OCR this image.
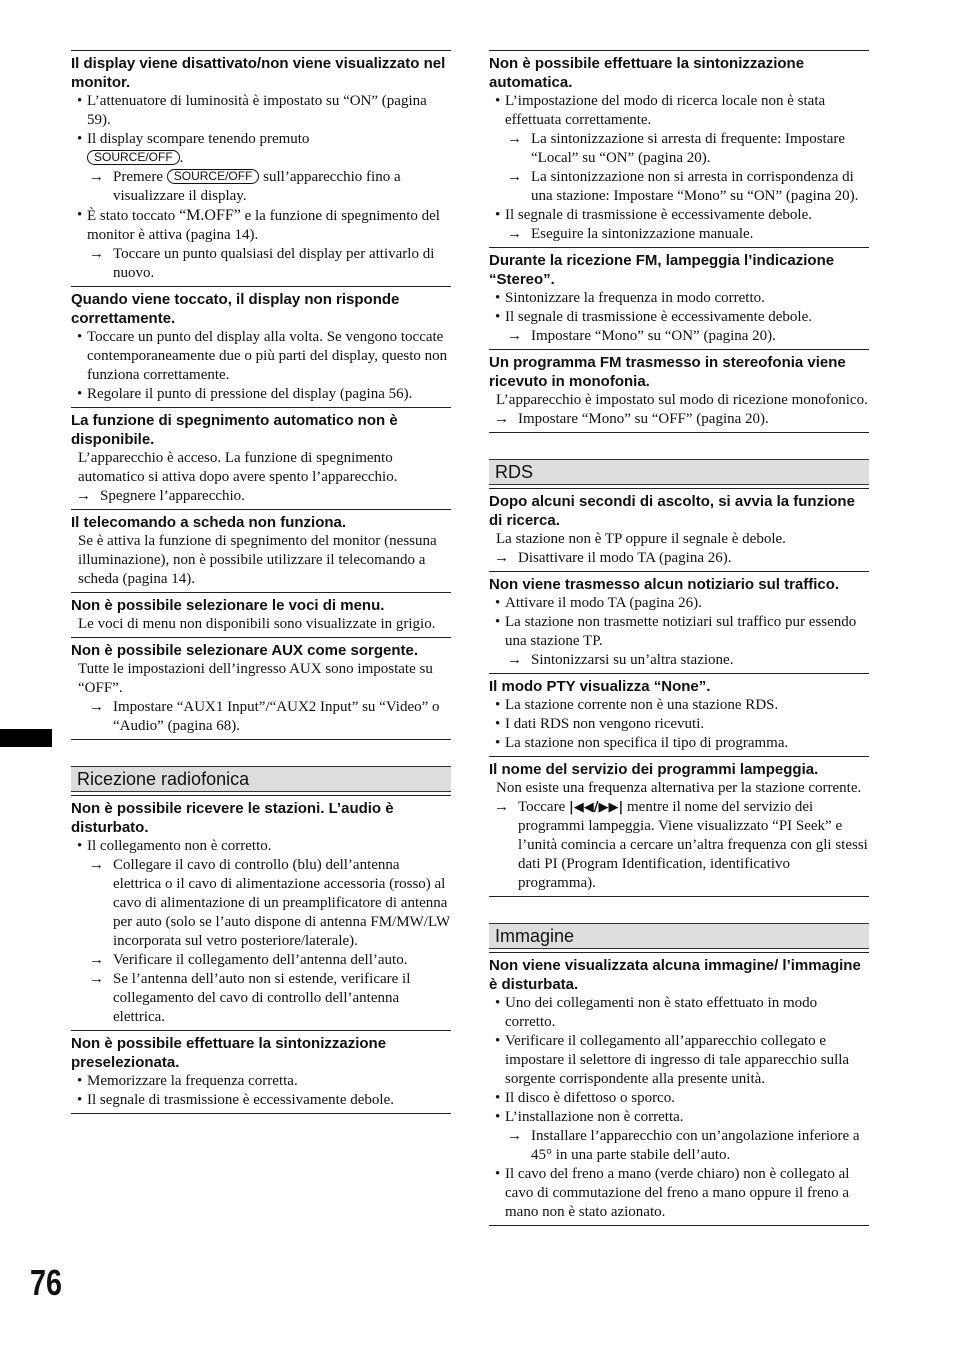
Il display viene disattivato/non viene visualizzato nel monitor.
• L’attenuatore di luminosità è impostato su “ON” (pagina 59).
• Il display scompare tenendo premuto
SOURCE/OFF .
→ Premere SOURCE/OFF sull’apparecchio fino a visualizzare il display.
• È stato toccato “M.OFF” e la funzione di spegnimento del monitor è attiva (pagina 14).
→ Toccare un punto qualsiasi del display per attivarlo di nuovo.
Quando viene toccato, il display non risponde correttamente.
• Toccare un punto del display alla volta. Se vengono toccate contemporaneamente due o più parti del display, questo non funziona correttamente.
• Regolare il punto di pressione del display (pagina 56).
La funzione di spegnimento automatico non è disponibile.
L’apparecchio è acceso. La funzione di spegnimento automatico si attiva dopo avere spento l’apparecchio.
→ Spegnere l’apparecchio.
Il telecomando a scheda non funziona.
Se è attiva la funzione di spegnimento del monitor (nessuna illuminazione), non è possibile utilizzare il telecomando a scheda (pagina 14).
Non è possibile selezionare le voci di menu.
Le voci di menu non disponibili sono visualizzate in grigio.
Non è possibile selezionare AUX come sorgente.
Tutte le impostazioni dell’ingresso AUX sono impostate su “OFF”.
→ Impostare “AUX1 Input”/“AUX2 Input” su “Video” o “Audio” (pagina 68).
Ricezione radiofonica
Non è possibile ricevere le stazioni. L’audio è disturbato.
• Il collegamento non è corretto.
→ Collegare il cavo di controllo (blu) dell’antenna elettrica o il cavo di alimentazione accessoria (rosso) al cavo di alimentazione di un preamplificatore di antenna per auto (solo se l’auto dispone di antenna FM/MW/LW incorporata sul vetro posteriore/laterale).
→ Verificare il collegamento dell’antenna dell’auto.
→ Se l’antenna dell’auto non si estende, verificare il collegamento del cavo di controllo dell’antenna elettrica.
Non è possibile effettuare la sintonizzazione preselezionata.
• Memorizzare la frequenza corretta.
• Il segnale di trasmissione è eccessivamente debole.
Non è possibile effettuare la sintonizzazione automatica.
• L’impostazione del modo di ricerca locale non è stata effettuata correttamente.
→ La sintonizzazione si arresta di frequente: Impostare “Local” su “ON” (pagina 20).
→ La sintonizzazione non si arresta in corrispondenza di una stazione: Impostare “Mono” su “ON” (pagina 20).
• Il segnale di trasmissione è eccessivamente debole.
→ Eseguire la sintonizzazione manuale.
Durante la ricezione FM, lampeggia l’indicazione “Stereo”.
• Sintonizzare la frequenza in modo corretto.
• Il segnale di trasmissione è eccessivamente debole.
→ Impostare “Mono” su “ON” (pagina 20).
Un programma FM trasmesso in stereofonia viene ricevuto in monofonia.
L’apparecchio è impostato sul modo di ricezione monofonico.
→ Impostare “Mono” su “OFF” (pagina 20).
RDS
Dopo alcuni secondi di ascolto, si avvia la funzione di ricerca.
La stazione non è TP oppure il segnale è debole.
→ Disattivare il modo TA (pagina 26).
Non viene trasmesso alcun notiziario sul traffico.
• Attivare il modo TA (pagina 26).
• La stazione non trasmette notiziari sul traffico pur essendo una stazione TP.
→ Sintonizzarsi su un’altra stazione.
Il modo PTY visualizza “None”.
• La stazione corrente non è una stazione RDS.
• I dati RDS non vengono ricevuti.
• La stazione non specifica il tipo di programma.
Il nome del servizio dei programmi lampeggia.
Non esiste una frequenza alternativa per la stazione corrente.
→ Toccare |◀◀/▶▶| mentre il nome del servizio dei programmi lampeggia. Viene visualizzato “PI Seek” e l’unità comincia a cercare un’altra frequenza con gli stessi dati PI (Program Identification, identificativo programma).
Immagine
Non viene visualizzata alcuna immagine/ l’immagine è disturbata.
• Uno dei collegamenti non è stato effettuato in modo corretto.
• Verificare il collegamento all’apparecchio collegato e impostare il selettore di ingresso di tale apparecchio sulla sorgente corrispondente alla presente unità.
• Il disco è difettoso o sporco.
• L’installazione non è corretta.
→ Installare l’apparecchio con un’angolazione inferiore a 45° in una parte stabile dell’auto.
• Il cavo del freno a mano (verde chiaro) non è collegato al cavo di commutazione del freno a mano oppure il freno a mano non è stato azionato.
76
